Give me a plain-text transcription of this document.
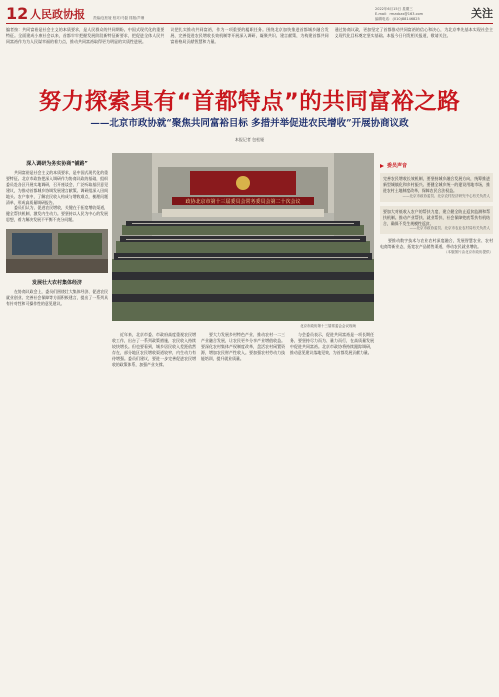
12 人民政协报 责编/包松娅 校对/马磊 排版/芦珊
2022年6月15日 星期三
E-mail：rmzxbzx@163.com
编辑电话：(010)88146825	关注
编者按：共同富裕是社会主义的本质要求，是人民群众的共同期盼。中国式现代化的重要特征。全面建成小康社会以来，首都牢牢把握发展阶段新特征新要求，把促进全体人民共同富裕作为为人民谋幸福的着力点，推动共同富裕取得更为明显的实质性进展。
议把扎实推动共同富裕，作为一项重要的履职任务。围绕北京加快推进首都城乡融合发展、完善促进农民增收长效机制等开展深入调研，凝聚共识、建言献策，为构建首都共同富裕格局贡献智慧和力量。
通过协商议政，更加坚定了首都推动共同富裕的信心和决心，为北京率先基本实现社会主义现代化目标奠定坚实基础。本报今日刊发相关报道，敬请关注。
努力探索具有“首都特点”的共同富裕之路
——北京市政协就“聚焦共同富裕目标 多措并举促进农民增收”开展协商议政
本报记者 包松娅
政协北京市第十三届委员会常务委员会第二十次会议
北京市政协第十三届常委会会议现场
深入调研为务实协商“铺路”

共同富裕是社会主义的本质要求，是中国式现代化的重要特征。北京市政协把深入调研作为协商议政的基础，组织委员赴各区开展实地调研，召开座谈会，广泛听取基层意见建议，为推动首都城乡协调发展建言献策。调研组深入田间地头、农户家中，了解农民收入构成与增收难点，梳理问题清单，形成高质量调研报告。

委员们认为，促进农民增收，关键在于拓宽增收渠道，健全帮扶机制，激发内生动力。要坚持以人民为中心的发展思想，着力解决发展不平衡不充分问题。

发展壮大农村集体经济

在协商议政会上，委员们围绕壮大集体经济、促进农民就业创业、完善社会保障等方面积极建言，提出了一系列具有针对性和可操作性的意见建议。

近年来，北京市委、市政府高度重视农民增收工作，出台了一系列政策措施，农民收入持续较快增长。但也要看到，城乡居民收入差距依然存在，部分地区农民增收渠道较窄，内生动力有待增强。委员们建议，要进一步完善促进农民增收的政策体系，加强产业支撑。

要大力发展乡村特色产业，推动农村一二三产业融合发展，让农民更多分享产业增值收益。要深化农村集体产权制度改革，盘活农村闲置资源，增加农民财产性收入。要加强农村劳动力技能培训，提升就业质量。

与会委员表示，促进共同富裕是一项长期任务，要坚持尽力而为、量力而行，在高质量发展中促进共同富裕。北京市政协将持续跟踪调研，推动意见建议落地见效，为首都发展贡献力量。

委员声音

完善农民增收长效机制，要坚持城乡融合发展方向，统筹推进新型城镇化和乡村振兴。要健全城乡统一的建设用地市场，推进农村土地制度改革，保障农民合法权益。

——北京市政协委员、北京农村经济研究中心有关负责人

要加大对低收入农户的帮扶力度，建立健全防止返贫监测和帮扶机制。推动产业帮扶、就业帮扶、社会保障兜底帮扶有机结合，确保不发生规模性返贫。

——北京市政协委员、北京市农业农村局有关负责人

要推动数字技术与农业农村深度融合，发展智慧农业、农村电商等新业态，拓宽农产品销售渠道，带动农民就业增收。

（本版图片由北京市政协提供）
